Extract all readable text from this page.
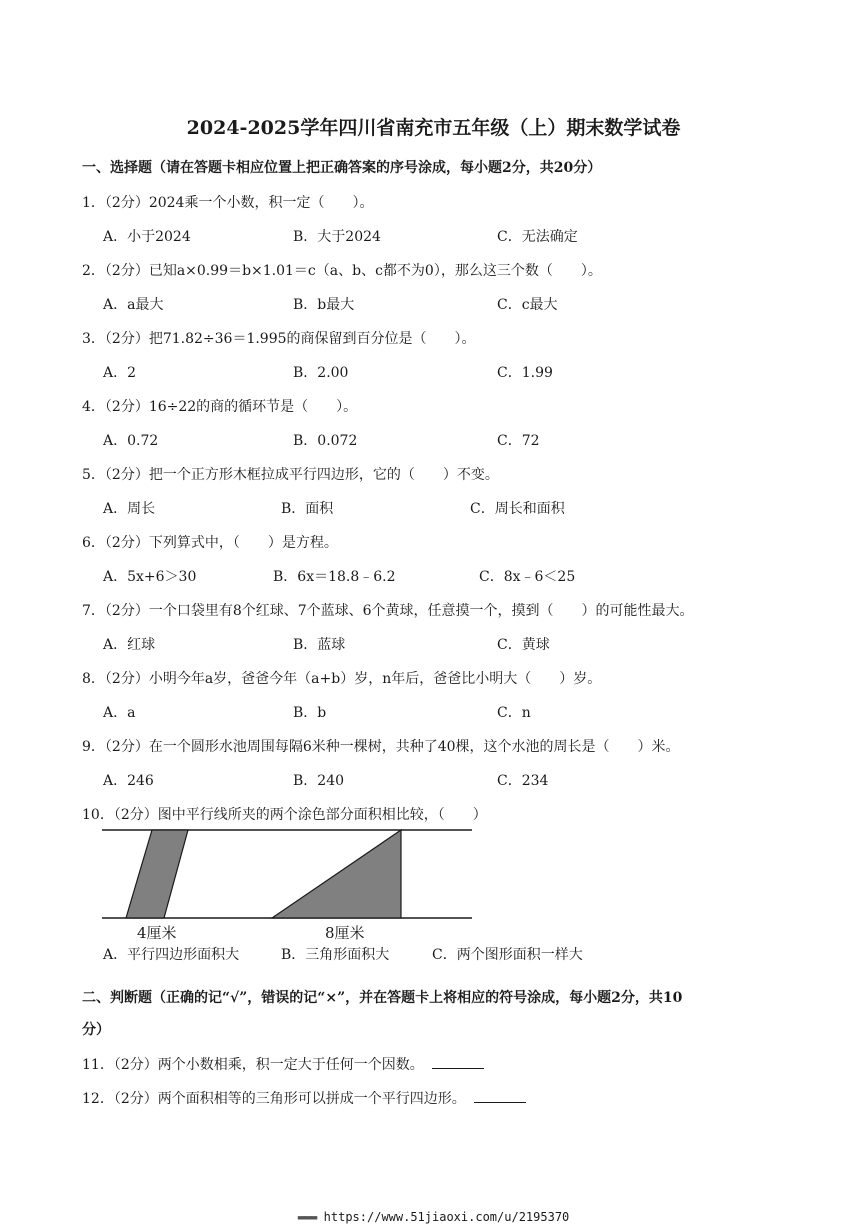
2024-2025学年四川省南充市五年级（上）期末数学试卷
一、选择题（请在答题卡相应位置上把正确答案的序号涂成，每小题2分，共20分）
1．（2分）2024乘一个小数，积一定（　　）。
A．小于2024	B．大于2024	C．无法确定
2．（2分）已知a×0.99＝b×1.01＝c（a、b、c都不为0），那么这三个数（　　）。
A．a最大	B．b最大	C．c最大
3．（2分）把71.82÷36＝1.995的商保留到百分位是（　　）。
A．2	B．2.00	C．1.99
4．（2分）16÷22的商的循环节是（　　）。
A．0.72	B．0.072	C．72
5．（2分）把一个正方形木框拉成平行四边形，它的（　　）不变。
A．周长	B．面积	C．周长和面积
6．（2分）下列算式中，（　　）是方程。
A．5x+6＞30	B．6x＝18.8﹣6.2	C．8x﹣6＜25
7．（2分）一个口袋里有8个红球、7个蓝球、6个黄球，任意摸一个，摸到（　　）的可能性最大。
A．红球	B．蓝球	C．黄球
8．（2分）小明今年a岁，爸爸今年（a+b）岁，n年后，爸爸比小明大（　　）岁。
A．a	B．b	C．n
9．（2分）在一个圆形水池周围每隔6米种一棵树，共种了40棵，这个水池的周长是（　　）米。
A．246	B．240	C．234
10．（2分）图中平行线所夹的两个涂色部分面积相比较，（　　）
A．平行四边形面积大	B．三角形面积大	C．两个图形面积一样大
4厘米	8厘米
二、判断题（正确的记“√”，错误的记“×”，并在答题卡上将相应的符号涂成，每小题2分，共10
分）
11．（2分）两个小数相乘，积一定大于任何一个因数。
12．（2分）两个面积相等的三角形可以拼成一个平行四边形。
▬▬▬ https://www.51jiaoxi.com/u/2195370
